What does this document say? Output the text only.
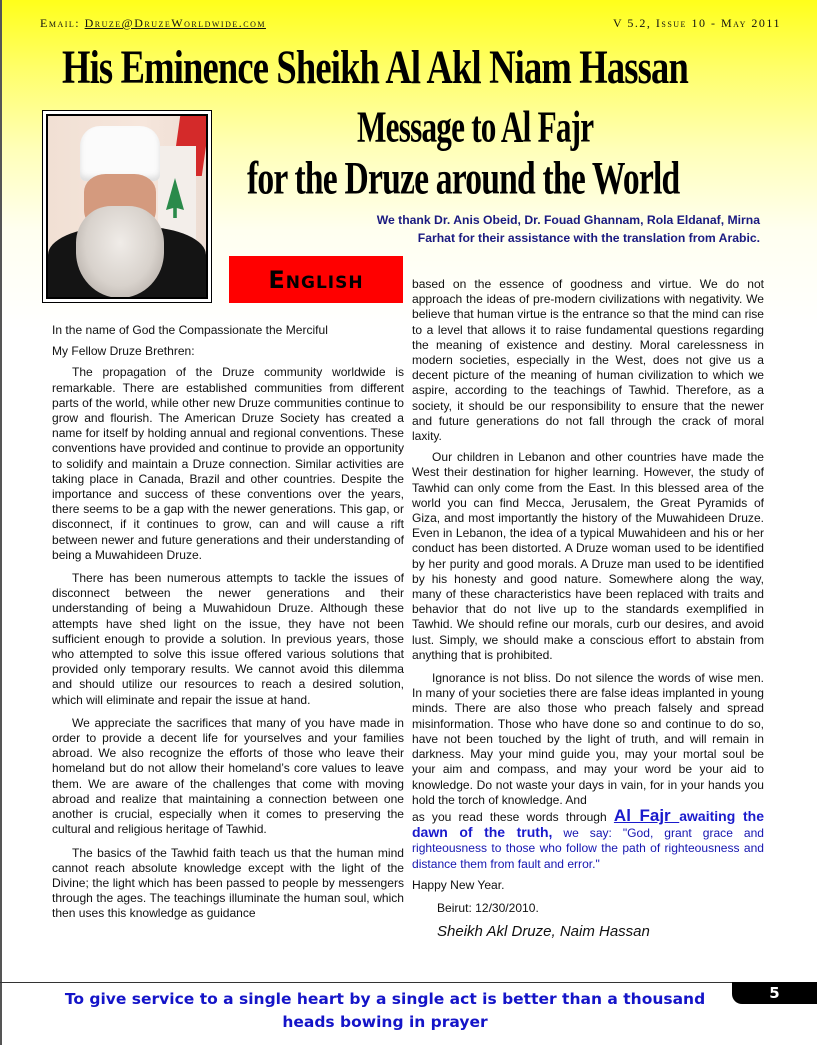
Email: Druze@DruzeWorldwide.com	V 5.2, Issue 10 - May 2011
His Eminence Sheikh Al Akl Niam Hassan
Message to Al Fajr
for the Druze around the World
We thank Dr. Anis Obeid, Dr. Fouad Ghannam, Rola Eldanaf, Mirna
Farhat for their assistance with the translation from Arabic.
English

In the name of God the Compassionate the Merciful

My Fellow Druze Brethren:

The propagation of the Druze community worldwide is remarkable. There are established communities from different parts of the world, while other new Druze communities continue to grow and flourish. The American Druze Society has created a name for itself by holding annual and regional conventions. These conventions have provided and continue to provide an opportunity to solidify and maintain a Druze connection. Similar activities are taking place in Canada, Brazil and other countries. Despite the importance and success of these conventions over the years, there seems to be a gap with the newer generations. This gap, or disconnect, if it continues to grow, can and will cause a rift between newer and future generations and their understanding of being a Muwahideen Druze.

There has been numerous attempts to tackle the issues of disconnect between the newer generations and their understanding of being a Muwahidoun Druze. Although these attempts have shed light on the issue, they have not been sufficient enough to provide a solution. In previous years, those who attempted to solve this issue offered various solutions that provided only temporary results. We cannot avoid this dilemma and should utilize our resources to reach a desired solution, which will eliminate and repair the issue at hand.

We appreciate the sacrifices that many of you have made in order to provide a decent life for yourselves and your families abroad. We also recognize the efforts of those who leave their homeland but do not allow their homeland’s core values to leave them. We are aware of the challenges that come with moving abroad and realize that maintaining a connection between one another is crucial, especially when it comes to preserving the cultural and religious heritage of Tawhid.

The basics of the Tawhid faith teach us that the human mind cannot reach absolute knowledge except with the light of the Divine; the light which has been passed to people by messengers through the ages. The teachings illuminate the human soul, which then uses this knowledge as guidance

based on the essence of goodness and virtue. We do not approach the ideas of pre-modern civilizations with negativity. We believe that human virtue is the entrance so that the mind can rise to a level that allows it to raise fundamental questions regarding the meaning of existence and destiny. Moral carelessness in modern societies, especially in the West, does not give us a decent picture of the meaning of human civilization to which we aspire, according to the teachings of Tawhid. Therefore, as a society, it should be our responsibility to ensure that the newer and future generations do not fall through the crack of moral laxity.

Our children in Lebanon and other countries have made the West their destination for higher learning. However, the study of Tawhid can only come from the East. In this blessed area of the world you can find Mecca, Jerusalem, the Great Pyramids of Giza, and most importantly the history of the Muwahideen Druze. Even in Lebanon, the idea of a typical Muwahideen and his or her conduct has been distorted. A Druze woman used to be identified by her purity and good morals. A Druze man used to be identified by his honesty and good nature. Somewhere along the way, many of these characteristics have been replaced with traits and behavior that do not live up to the standards exemplified in Tawhid. We should refine our morals, curb our desires, and avoid lust. Simply, we should make a conscious effort to abstain from anything that is prohibited.

Ignorance is not bliss. Do not silence the words of wise men. In many of your societies there are false ideas implanted in young minds. There are also those who preach falsely and spread misinformation. Those who have done so and continue to do so, have not been touched by the light of truth, and will remain in darkness. May your mind guide you, may your mortal soul be your aim and compass, and may your word be your aid to knowledge. Do not waste your days in vain, for in your hands you hold the torch of knowledge. And

as you read these words through Al Fajr awaiting the dawn of the truth, we say: "God, grant grace and righteousness to those who follow the path of righteousness and distance them from fault and error."

Happy New Year.

Beirut: 12/30/2010.

Sheikh Akl Druze, Naim Hassan

5
To give service to a single heart by a single act is better than a thousand heads bowing in prayer
